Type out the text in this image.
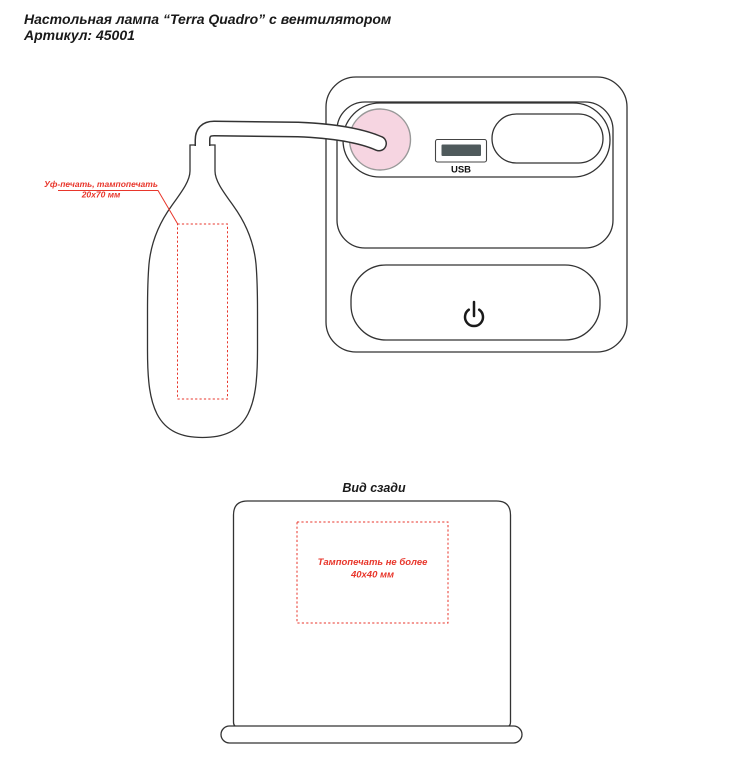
Настольная лампа “Terra Quadro” с вентилятором
Артикул: 45001
USB
Уф-печать, тампопечать
20х70 мм
Вид сзади
Тампопечать не более
40х40 мм
